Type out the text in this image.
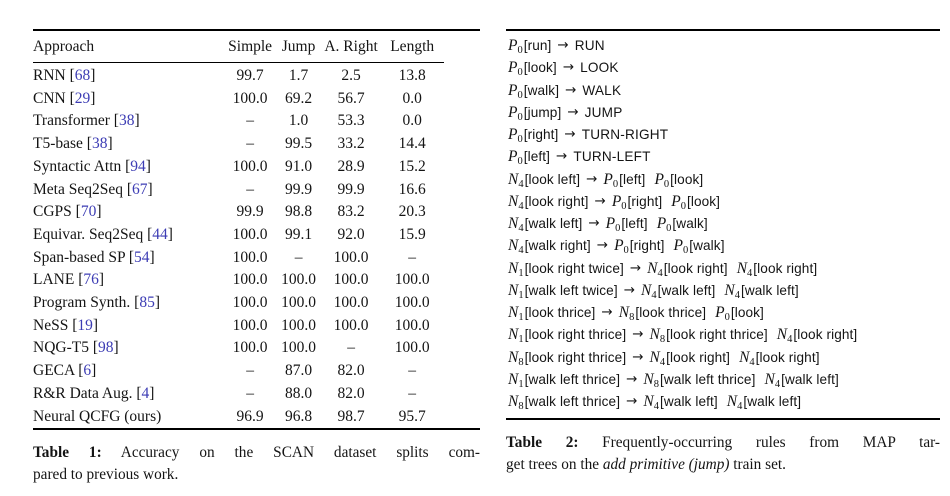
Approach	Simple	Jump	A. Right	Length
RNN [68]	99.7	1.7	2.5	13.8
CNN [29]	100.0	69.2	56.7	0.0
Transformer [38]	–	1.0	53.3	0.0
T5-base [38]	–	99.5	33.2	14.4
Syntactic Attn [94]	100.0	91.0	28.9	15.2
Meta Seq2Seq [67]	–	99.9	99.9	16.6
CGPS [70]	99.9	98.8	83.2	20.3
Equivar. Seq2Seq [44]	100.0	99.1	92.0	15.9
Span-based SP [54]	100.0	–	100.0	–
LANE [76]	100.0	100.0	100.0	100.0
Program Synth. [85]	100.0	100.0	100.0	100.0
NeSS [19]	100.0	100.0	100.0	100.0
NQG-T5 [98]	100.0	100.0	–	100.0
GECA [6]	–	87.0	82.0	–
R&R Data Aug. [4]	–	88.0	82.0	–
Neural QCFG (ours)	96.9	96.8	98.7	95.7
Table 1: Accuracy on the SCAN dataset splits com-
pared to previous work.
$P_0[run]$ → RUN
$P_0[look]$ → LOOK
$P_0[walk]$ → WALK
$P_0[jump]$ → JUMP
$P_0[right]$ → TURN-RIGHT
$P_0[left]$ → TURN-LEFT
$N_4[look$ left] → $P_0[left]$ $P_0[look]$
$N_4[look$ right] → $P_0[right]$ $P_0[look]$
$N_4[walk$ left] → $P_0[left]$ $P_0[walk]$
$N_4[walk$ right] → $P_0[right]$ $P_0[walk]$
$N_1[look$ right twice] → $N_4[look$ right] $N_4[look$ right]
$N_1[walk$ left twice] → $N_4[walk$ left] $N_4[walk$ left]
$N_1[look$ thrice] → $N_8[look$ thrice] $P_0[look]$
$N_1[look$ right thrice] → $N_8[look$ right thrice] $N_4[look$ right]
$N_8[look$ right thrice] → $N_4[look$ right] $N_4[look$ right]
$N_1[walk$ left thrice] → $N_8[walk$ left thrice] $N_4[walk$ left]
$N_8[walk$ left thrice] → $N_4[walk$ left] $N_4[walk$ left]
Table 2: Frequently-occurring rules from MAP tar-
get trees on the add primitive (jump) train set.
